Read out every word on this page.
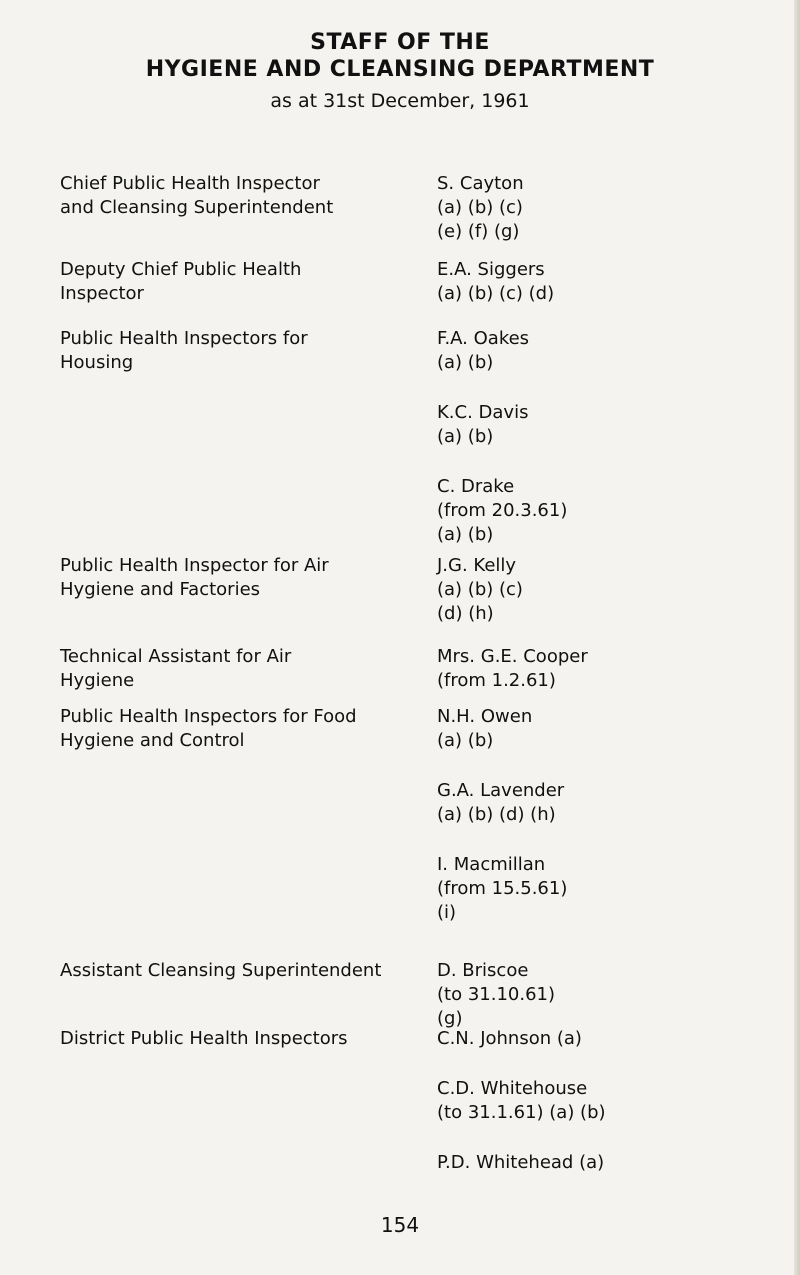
STAFF OF THE
HYGIENE AND CLEANSING DEPARTMENT
as at 31st December, 1961
Chief Public Health Inspector
and Cleansing Superintendent
S. Cayton
(a) (b) (c)
(e) (f) (g)
Deputy Chief Public Health
Inspector
E.A. Siggers
(a) (b) (c) (d)
Public Health Inspectors for
Housing
F.A. Oakes
(a) (b)
K.C. Davis
(a) (b)
C. Drake
(from 20.3.61)
(a) (b)
Public Health Inspector for Air
Hygiene and Factories
J.G. Kelly
(a) (b) (c)
(d) (h)
Technical Assistant for Air
Hygiene
Mrs. G.E. Cooper
(from 1.2.61)
Public Health Inspectors for Food
Hygiene and Control
N.H. Owen
(a) (b)
G.A. Lavender
(a) (b) (d) (h)
I. Macmillan
(from 15.5.61)
(i)
Assistant Cleansing Superintendent	D. Briscoe
(to 31.10.61)
(g)
District Public Health Inspectors	C.N. Johnson (a)
C.D. Whitehouse
(to 31.1.61) (a) (b)
P.D. Whitehead (a)
154
